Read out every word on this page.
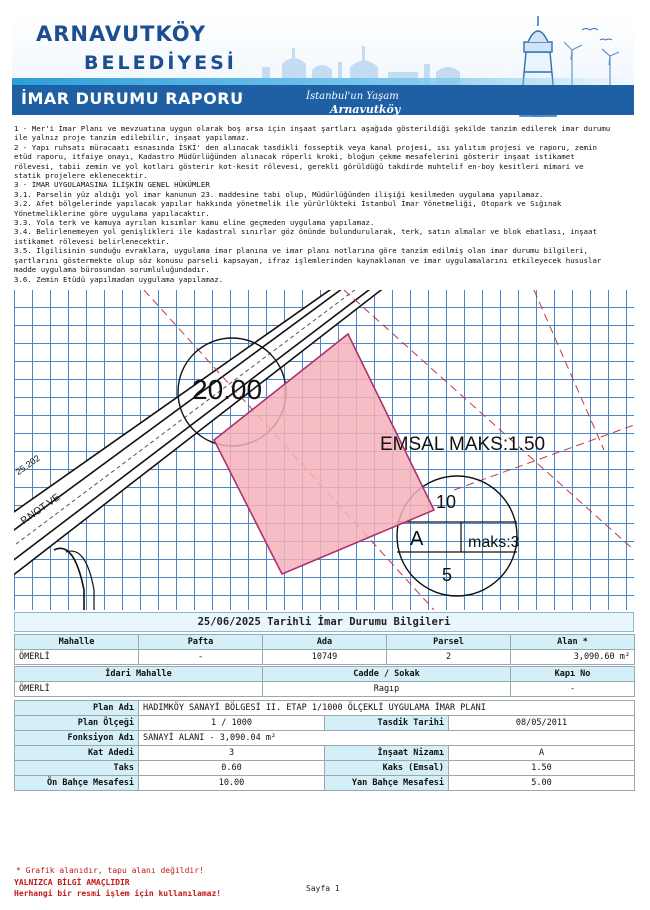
ARNAVUTKÖY
BELEDİYESİ
İMAR DURUMU RAPORU	İstanbul'un Yaşam
Arnavutköy
1 - Mer'i İmar Planı ve mevzuatına uygun olarak boş arsa için inşaat şartları aşağıda gösterildiği şekilde tanzim edilerek imar durumu
ile yalnız proje tanzim edilebilir, inşaat yapılamaz.
2 - Yapı ruhsatı müracaatı esnasında İSKİ' den alınacak tasdikli fosseptik veya kanal projesi, ısı yalıtım projesi ve raporu, zemin
etüd raporu, itfaiye onayı, Kadastro Müdürlüğünden alınacak röperli kroki, bloğun çekme mesafelerini gösterir inşaat istikamet
rölevesi, tabii zemin ve yol kotları gösterir kot-kesit rölevesi, gerekli görüldüğü takdirde muhtelif en-boy kesitleri mimari ve
statik projelere eklenecektir.
3 - İMAR UYGULAMASINA İLİŞKİN GENEL HÜKÜMLER
3.1. Parselin yüz aldığı yol imar kanunun 23. maddesine tabi olup, Müdürlüğünden ilişiği kesilmeden uygulama yapılamaz.
3.2. Afet bölgelerinde yapılacak yapılar hakkında yönetmelik ile yürürlükteki İstanbul İmar Yönetmeliği, Otopark ve Sığınak
Yönetmeliklerine göre uygulama yapılacaktır.
3.3. Yola terk ve kamuya ayrılan kısımlar kamu eline geçmeden uygulama yapılamaz.
3.4. Belirlenemeyen yol genişlikleri ile kadastral sınırlar göz önünde bulundurularak, terk, satın almalar ve blok ebatlası, inşaat
istikamet rölevesi belirlenecektir.
3.5. İlgilisinin sunduğu evraklara, uygulama imar planına ve imar planı notlarına göre tanzim edilmiş olan imar durumu bilgileri,
şartlarını göstermekte olup söz konusu parseli kapsayan, ifraz işlemlerinden kaynaklanan ve imar uygulamalarını etkileyecek hususlar
madde uygulama bürosundan sorumluluğundadır.
3.6. Zemin Etüdü yapılmadan uygulama yapılamaz.
20.00
EMSAL MAKS:1.50
10
A	maks:3
5
P.NOT VE
25.202
25/06/2025 Tarihli İmar Durumu Bilgileri
Mahalle	Pafta	Ada	Parsel	Alan *
ÖMERLİ	-	10749	2	3,090.60 m²
İdari Mahalle	Cadde / Sokak	Kapı No
ÖMERLİ	Ragıp	-
Plan Adı	HADIMKÖY SANAYİ BÖLGESİ II. ETAP 1/1000 ÖLÇEKLİ UYGULAMA İMAR PLANI		
Plan Ölçeği	1 / 1000	Tasdik Tarihi	08/05/2011
Fonksiyon Adı	SANAYİ ALANI - 3,090.04 m²		
Kat Adedi	3	İnşaat Nizamı	A
Taks	0.60	Kaks (Emsal)	1.50
Ön Bahçe Mesafesi	10.00	Yan Bahçe Mesafesi	5.00
* Grafik alanıdır, tapu alanı değildir!
YALNIZCA BİLGİ AMAÇLIDIR
Herhangi bir resmi işlem için kullanılamaz!
Sayfa 1
